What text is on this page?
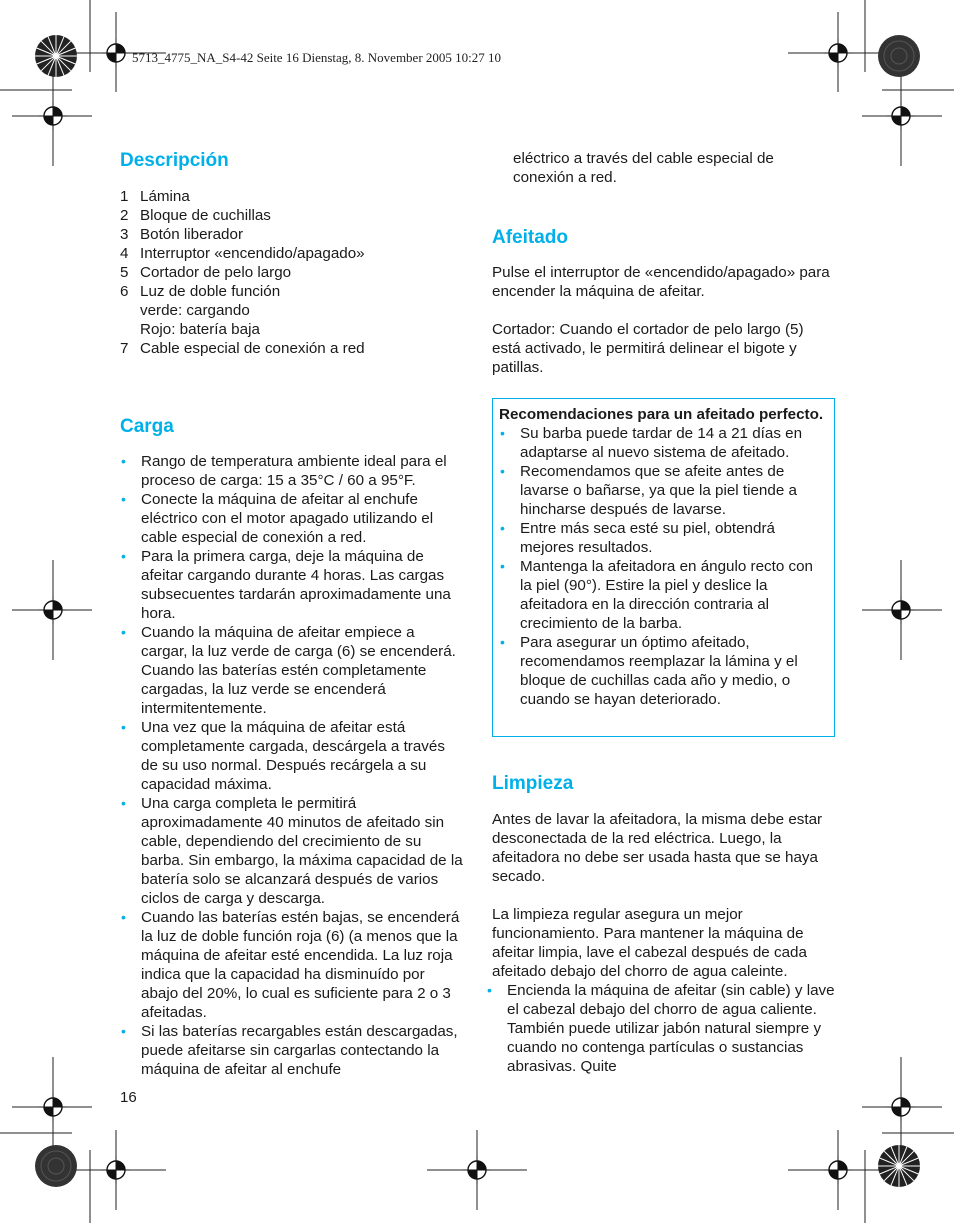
5713_4775_NA_S4-42 Seite 16 Dienstag, 8. November 2005 10:27 10
Descripción
1 Lámina
2 Bloque de cuchillas
3 Botón liberador
4 Interruptor «encendido/apagado»
5 Cortador de pelo largo
6 Luz de doble función
verde: cargando
Rojo: batería baja
7 Cable especial de conexión a red
Carga
• Rango de temperatura ambiente ideal para el proceso de carga: 15 a 35°C / 60 a 95°F.
• Conecte la máquina de afeitar al enchufe eléctrico con el motor apagado utilizando el cable especial de conexión a red.
• Para la primera carga, deje la máquina de afeitar cargando durante 4 horas. Las cargas subsecuentes tardarán aproximadamente una hora.
• Cuando la máquina de afeitar empiece a cargar, la luz verde de carga (6) se encenderá. Cuando las baterías estén completamente cargadas, la luz verde se encenderá intermitentemente.
• Una vez que la máquina de afeitar está completamente cargada, descárgela a través de su uso normal. Después recárgela a su capacidad máxima.
• Una carga completa le permitirá aproximadamente 40 minutos de afeitado sin cable, dependiendo del crecimiento de su barba. Sin embargo, la máxima capacidad de la batería solo se alcanzará después de varios ciclos de carga y descarga.
• Cuando las baterías estén bajas, se encenderá la luz de doble función roja (6) (a menos que la máquina de afeitar esté encendida. La luz roja indica que la capacidad ha disminuído por abajo del 20%, lo cual es suficiente para 2 o 3 afeitadas.
• Si las baterías recargables están descargadas, puede afeitarse sin cargarlas contectando la máquina de afeitar al enchufe
eléctrico a través del cable especial de conexión a red.
Afeitado

Pulse el interruptor de «encendido/apagado» para encender la máquina de afeitar.

Cortador: Cuando el cortador de pelo largo (5) está activado, le permitirá delinear el bigote y patillas.

Recomendaciones para un afeitado perfecto.
• Su barba puede tardar de 14 a 21 días en adaptarse al nuevo sistema de afeitado.
• Recomendamos que se afeite antes de lavarse o bañarse, ya que la piel tiende a hincharse después de lavarse.
• Entre más seca esté su piel, obtendrá mejores resultados.
• Mantenga la afeitadora en ángulo recto con la piel (90°). Estire la piel y deslice la afeitadora en la dirección contraria al crecimiento de la barba.
• Para asegurar un óptimo afeitado, recomendamos reemplazar la lámina y el bloque de cuchillas cada año y medio, o cuando se hayan deteriorado.
Limpieza

Antes de lavar la afeitadora, la misma debe estar desconectada de la red eléctrica. Luego, la afeitadora no debe ser usada hasta que se haya secado.

La limpieza regular asegura un mejor funcionamiento. Para mantener la máquina de afeitar limpia, lave el cabezal después de cada afeitado debajo del chorro de agua caleinte.

• Encienda la máquina de afeitar (sin cable) y lave el cabezal debajo del chorro de agua caliente. También puede utilizar jabón natural siempre y cuando no contenga partículas o sustancias abrasivas. Quite
16
